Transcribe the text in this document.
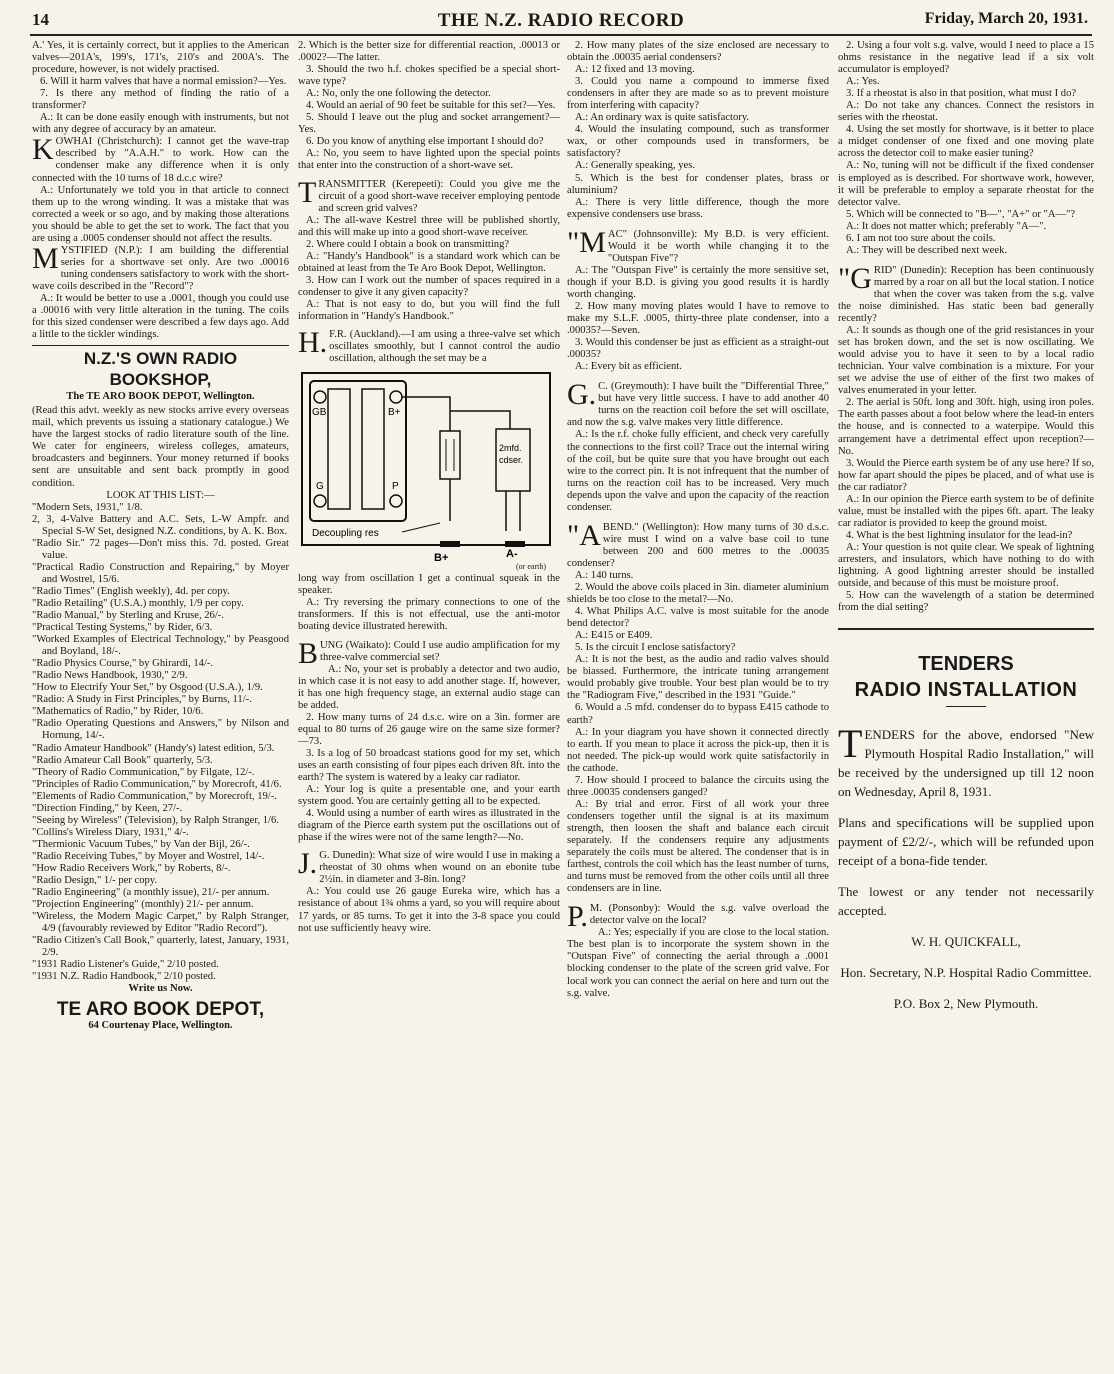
14	THE N.Z. RADIO RECORD	Friday, March 20, 1931.

A.' Yes, it is certainly correct, but it applies to the American valves—201A's, 199's, 171's, 210's and 200A's. The procedure, however, is not widely practised.

6. Will it harm valves that have a normal emission?—Yes.

7. Is there any method of finding the ratio of a transformer?

A.: It can be done easily enough with instruments, but not with any degree of accuracy by an amateur.

KOWHAI (Christchurch): I cannot get the wave-trap described by "A.A.H." to work. How can the condenser make any difference when it is only connected with the 10 turns of 18 d.c.c wire?

A.: Unfortunately we told you in that article to connect them up to the wrong winding. It was a mistake that was corrected a week or so ago, and by making those alterations you should be able to get the set to work. The fact that you are using a .0005 condenser should not affect the results.

MYSTIFIED (N.P.): I am building the differential series for a shortwave set only. Are two .00016 tuning condensers satisfactory to work with the short-wave coils described in the "Record"?

A.: It would be better to use a .0001, though you could use a .00016 with very little alteration in the tuning. The coils for this sized condenser were described a few days ago. Add a little to the tickler windings.

N.Z.'S OWN RADIO
BOOKSHOP,
The TE ARO BOOK DEPOT, Wellington.

(Read this advt. weekly as new stocks arrive every overseas mail, which prevents us issuing a stationary catalogue.) We have the largest stocks of radio literature south of the line. We cater for engineers, wireless colleges, amateurs, broadcasters and beginners. Your money returned if books sent are unsuitable and sent back promptly in good condition.

LOOK AT THIS LIST:—

"Modern Sets, 1931," 1/8.

2, 3, 4-Valve Battery and A.C. Sets, L-W Ampfr. and Special S-W Set, designed N.Z. conditions, by A. K. Box.

"Radio Sir." 72 pages—Don't miss this. 7d. posted. Great value.

"Practical Radio Construction and Repairing," by Moyer and Wostrel, 15/6.

"Radio Times" (English weekly), 4d. per copy.

"Radio Retailing" (U.S.A.) monthly, 1/9 per copy.

"Radio Manual," by Sterling and Kruse, 26/-.

"Practical Testing Systems," by Rider, 6/3.

"Worked Examples of Electrical Technology," by Peasgood and Boyland, 18/-.

"Radio Physics Course," by Ghirardi, 14/-.

"Radio News Handbook, 1930," 2/9.

"How to Electrify Your Set," by Osgood (U.S.A.), 1/9.

"Radio: A Study in First Principles," by Burns, 11/-.

"Mathematics of Radio," by Rider, 10/6.

"Radio Operating Questions and Answers," by Nilson and Hornung, 14/-.

"Radio Amateur Handbook" (Handy's) latest edition, 5/3.

"Radio Amateur Call Book" quarterly, 5/3.

"Theory of Radio Communication," by Filgate, 12/-.

"Principles of Radio Communication," by Morecroft, 41/6.

"Elements of Radio Communication," by Morecroft, 19/-.

"Direction Finding," by Keen, 27/-.

"Seeing by Wireless" (Television), by Ralph Stranger, 1/6.

"Collins's Wireless Diary, 1931," 4/-.

"Thermionic Vacuum Tubes," by Van der Bijl, 26/-.

"Radio Receiving Tubes," by Moyer and Wostrel, 14/-.

"How Radio Receivers Work," by Roberts, 8/-.

"Radio Design," 1/- per copy.

"Radio Engineering" (a monthly issue), 21/- per annum.

"Projection Engineering" (monthly) 21/- per annum.

"Wireless, the Modern Magic Carpet," by Ralph Stranger, 4/9 (favourably reviewed by Editor "Radio Record").

"Radio Citizen's Call Book," quarterly, latest, January, 1931, 2/9.

"1931 Radio Listener's Guide," 2/10 posted.

"1931 N.Z. Radio Handbook," 2/10 posted.

Write us Now.
TE ARO BOOK DEPOT,
64 Courtenay Place, Wellington.

2. Which is the better size for differential reaction, .00013 or .0002?—The latter.

3. Should the two h.f. chokes specified be a special short-wave type?

A.: No, only the one following the detector.

4. Would an aerial of 90 feet be suitable for this set?—Yes.

5. Should I leave out the plug and socket arrangement?—Yes.

6. Do you know of anything else important I should do?

A.: No, you seem to have lighted upon the special points that enter into the construction of a short-wave set.

TRANSMITTER (Kerepeeti): Could you give me the circuit of a good short-wave receiver employing pentode and screen grid valves?

A.: The all-wave Kestrel three will be published shortly, and this will make up into a good short-wave receiver.

2. Where could I obtain a book on transmitting?

A.: "Handy's Handbook" is a standard work which can be obtained at least from the Te Aro Book Depot, Wellington.

3. How can I work out the number of spaces required in a condenser to give it any given capacity?

A.: That is not easy to do, but you will find the full information in "Handy's Handbook."

H. F.R. (Auckland).—I am using a three-valve set which oscillates smoothly, but I cannot control the audio oscillation, although the set may be a

GB	B+
G	P
2mfd.
cdser.
Decoupling res
B+	A-
(or earth)

long way from oscillation I get a continual squeak in the speaker.

A.: Try reversing the primary connections to one of the transformers. If this is not effectual, use the anti-motor boating device illustrated herewith.

BUNG (Waikato): Could I use audio amplification for my three-valve commercial set?

A.: No, your set is probably a detector and two audio, in which case it is not easy to add another stage. If, however, it has one high frequency stage, an external audio stage can be added.

2. How many turns of 24 d.s.c. wire on a 3in. former are equal to 80 turns of 26 gauge wire on the same size former?—73.

3. Is a log of 50 broadcast stations good for my set, which uses an earth consisting of four pipes each driven 8ft. into the earth? The system is watered by a leaky car radiator.

A.: Your log is quite a presentable one, and your earth system good. You are certainly getting all to be expected.

4. Would using a number of earth wires as illustrated in the diagram of the Pierce earth system put the oscillations out of phase if the wires were not of the same length?—No.

J. G. Dunedin): What size of wire would I use in making a rheostat of 30 ohms when wound on an ebonite tube 2½in. in diameter and 3-8in. long?

A.: You could use 26 gauge Eureka wire, which has a resistance of about 1¾ ohms a yard, so you will require about 17 yards, or 85 turns. To get it into the 3-8 space you could not use sufficiently heavy wire.

2. How many plates of the size enclosed are necessary to obtain the .00035 aerial condensers?

A.: 12 fixed and 13 moving.

3. Could you name a compound to immerse fixed condensers in after they are made so as to prevent moisture from interfering with capacity?

A.: An ordinary wax is quite satisfactory.

4. Would the insulating compound, such as transformer wax, or other compounds used in transformers, be satisfactory?

A.: Generally speaking, yes.

5. Which is the best for condenser plates, brass or aluminium?

A.: There is very little difference, though the more expensive condensers use brass.

"MAC" (Johnsonville): My B.D. is very efficient. Would it be worth while changing it to the "Outspan Five"?

A.: The "Outspan Five" is certainly the more sensitive set, though if your B.D. is giving you good results it is hardly worth changing.

2. How many moving plates would I have to remove to make my S.L.F. .0005, thirty-three plate condenser, into a .00035?—Seven.

3. Would this condenser be just as efficient as a straight-out .00035?

A.: Every bit as efficient.

G. C. (Greymouth): I have built the "Differential Three," but have very little success. I have to add another 40 turns on the reaction coil before the set will oscillate, and now the s.g. valve makes very little difference.

A.: Is the r.f. choke fully efficient, and check very carefully the connections to the first coil? Trace out the internal wiring of the coil, but be quite sure that you have brought out each wire to the correct pin. It is not infrequent that the number of turns on the reaction coil has to be increased. Very much depends upon the valve and upon the capacity of the reaction condenser.

"ABEND." (Wellington): How many turns of 30 d.s.c. wire must I wind on a valve base coil to tune between 200 and 600 metres to the .00035 condenser?

A.: 140 turns.

2. Would the above coils placed in 3in. diameter aluminium shields be too close to the metal?—No.

4. What Philips A.C. valve is most suitable for the anode bend detector?

A.: E415 or E409.

5. Is the circuit I enclose satisfactory?

A.: It is not the best, as the audio and radio valves should be biassed. Furthermore, the intricate tuning arrangement would probably give trouble. Your best plan would be to try the "Radiogram Five," described in the 1931 "Guide."

6. Would a .5 mfd. condenser do to bypass E415 cathode to earth?

A.: In your diagram you have shown it connected directly to earth. If you mean to place it across the pick-up, then it is not needed. The pick-up would work quite satisfactorily in the cathode.

7. How should I proceed to balance the circuits using the three .00035 condensers ganged?

A.: By trial and error. First of all work your three condensers together until the signal is at its maximum strength, then loosen the shaft and balance each circuit separately. If the condensers require any adjustments separately the coils must be altered. The condenser that is in farthest, controls the coil which has the least number of turns, and turns must be removed from the other coils until all three condensers are in line.

P. M. (Ponsonby): Would the s.g. valve overload the detector valve on the local?

A.: Yes; especially if you are close to the local station. The best plan is to incorporate the system shown in the "Outspan Five" of connecting the aerial through a .0001 blocking condenser to the plate of the screen grid valve. For local work you can connect the aerial on here and turn out the s.g. valve.

2. Using a four volt s.g. valve, would I need to place a 15 ohms resistance in the negative lead if a six volt accumulator is employed?

A.: Yes.

3. If a rheostat is also in that position, what must I do?

A.: Do not take any chances. Connect the resistors in series with the rheostat.

4. Using the set mostly for shortwave, is it better to place a midget condenser of one fixed and one moving plate across the detector coil to make easier tuning?

A.: No, tuning will not be difficult if the fixed condenser is employed as is described. For shortwave work, however, it will be preferable to employ a separate rheostat for the detector valve.

5. Which will be connected to "B—", "A+" or "A—"?

A.: It does not matter which; preferably "A—".

6. I am not too sure about the coils.

A.: They will be described next week.

"GRID" (Dunedin): Reception has been continuously marred by a roar on all but the local station. I notice that when the cover was taken from the s.g. valve the noise diminished. Has static been bad generally recently?

A.: It sounds as though one of the grid resistances in your set has broken down, and the set is now oscillating. We would advise you to have it seen to by a local radio technician. Your valve combination is a mixture. For your set we advise the use of either of the first two makes of valves enumerated in your letter.

2. The aerial is 50ft. long and 30ft. high, using iron poles. The earth passes about a foot below where the lead-in enters the house, and is connected to a waterpipe. Would this arrangement have a detrimental effect upon reception?—No.

3. Would the Pierce earth system be of any use here? If so, how far apart should the pipes be placed, and of what use is the car radiator?

A.: In our opinion the Pierce earth system to be of definite value, must be installed with the pipes 6ft. apart. The leaky car radiator is provided to keep the ground moist.

4. What is the best lightning insulator for the lead-in?

A.: Your question is not quite clear. We speak of lightning arresters, and insulators, which have nothing to do with lightning. A good lightning arrester should be installed outside, and because of this must be moisture proof.

5. How can the wavelength of a station be determined from the dial setting?

TENDERS
RADIO INSTALLATION

TENDERS for the above, endorsed "New Plymouth Hospital Radio Installation," will be received by the undersigned up till 12 noon on Wednesday, April 8, 1931.

Plans and specifications will be supplied upon payment of £2/2/-, which will be refunded upon receipt of a bona-fide tender.

The lowest or any tender not necessarily accepted.

W. H. QUICKFALL,
Hon. Secretary, N.P. Hospital Radio Committee.
P.O. Box 2, New Plymouth.
